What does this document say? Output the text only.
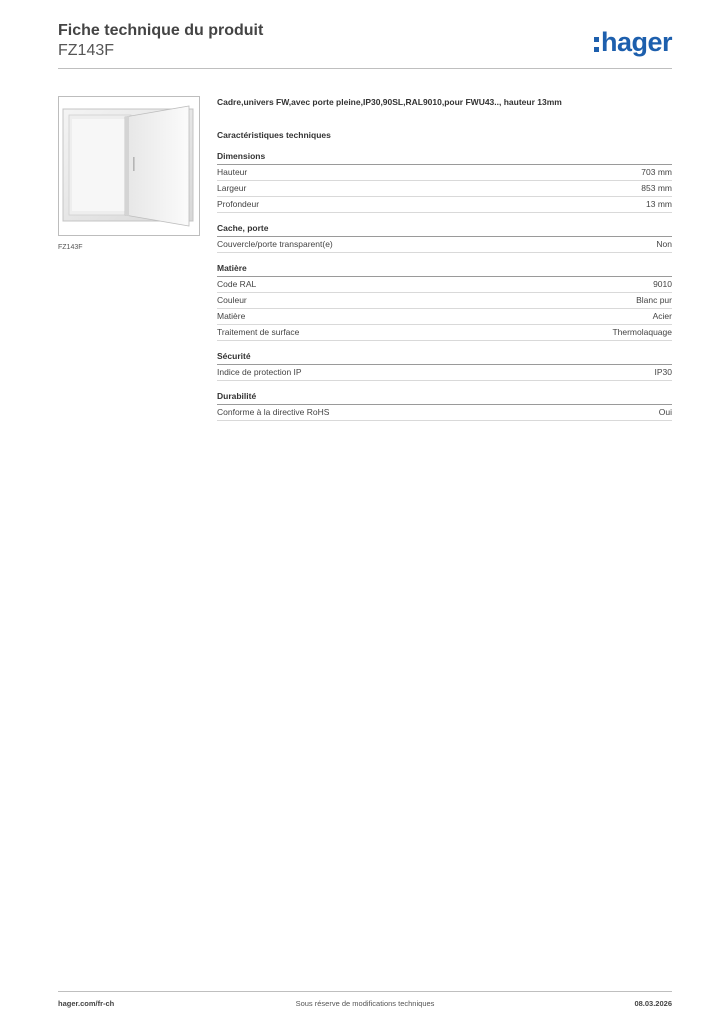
Fiche technique du produit
FZ143F	hager
FZ143F

Cadre,univers FW,avec porte pleine,IP30,90SL,RAL9010,pour FWU43.., hauteur 13mm

Caractéristiques techniques
Dimensions
Hauteur	703 mm
Largeur	853 mm
Profondeur	13 mm
Cache, porte
Couvercle/porte transparent(e)	Non
Matière
Code RAL	9010
Couleur	Blanc pur
Matière	Acier
Traitement de surface	Thermolaquage
Sécurité
Indice de protection IP	IP30
Durabilité
Conforme à la directive RoHS	Oui
hager.com/fr-ch	Sous réserve de modifications techniques	08.03.2026
